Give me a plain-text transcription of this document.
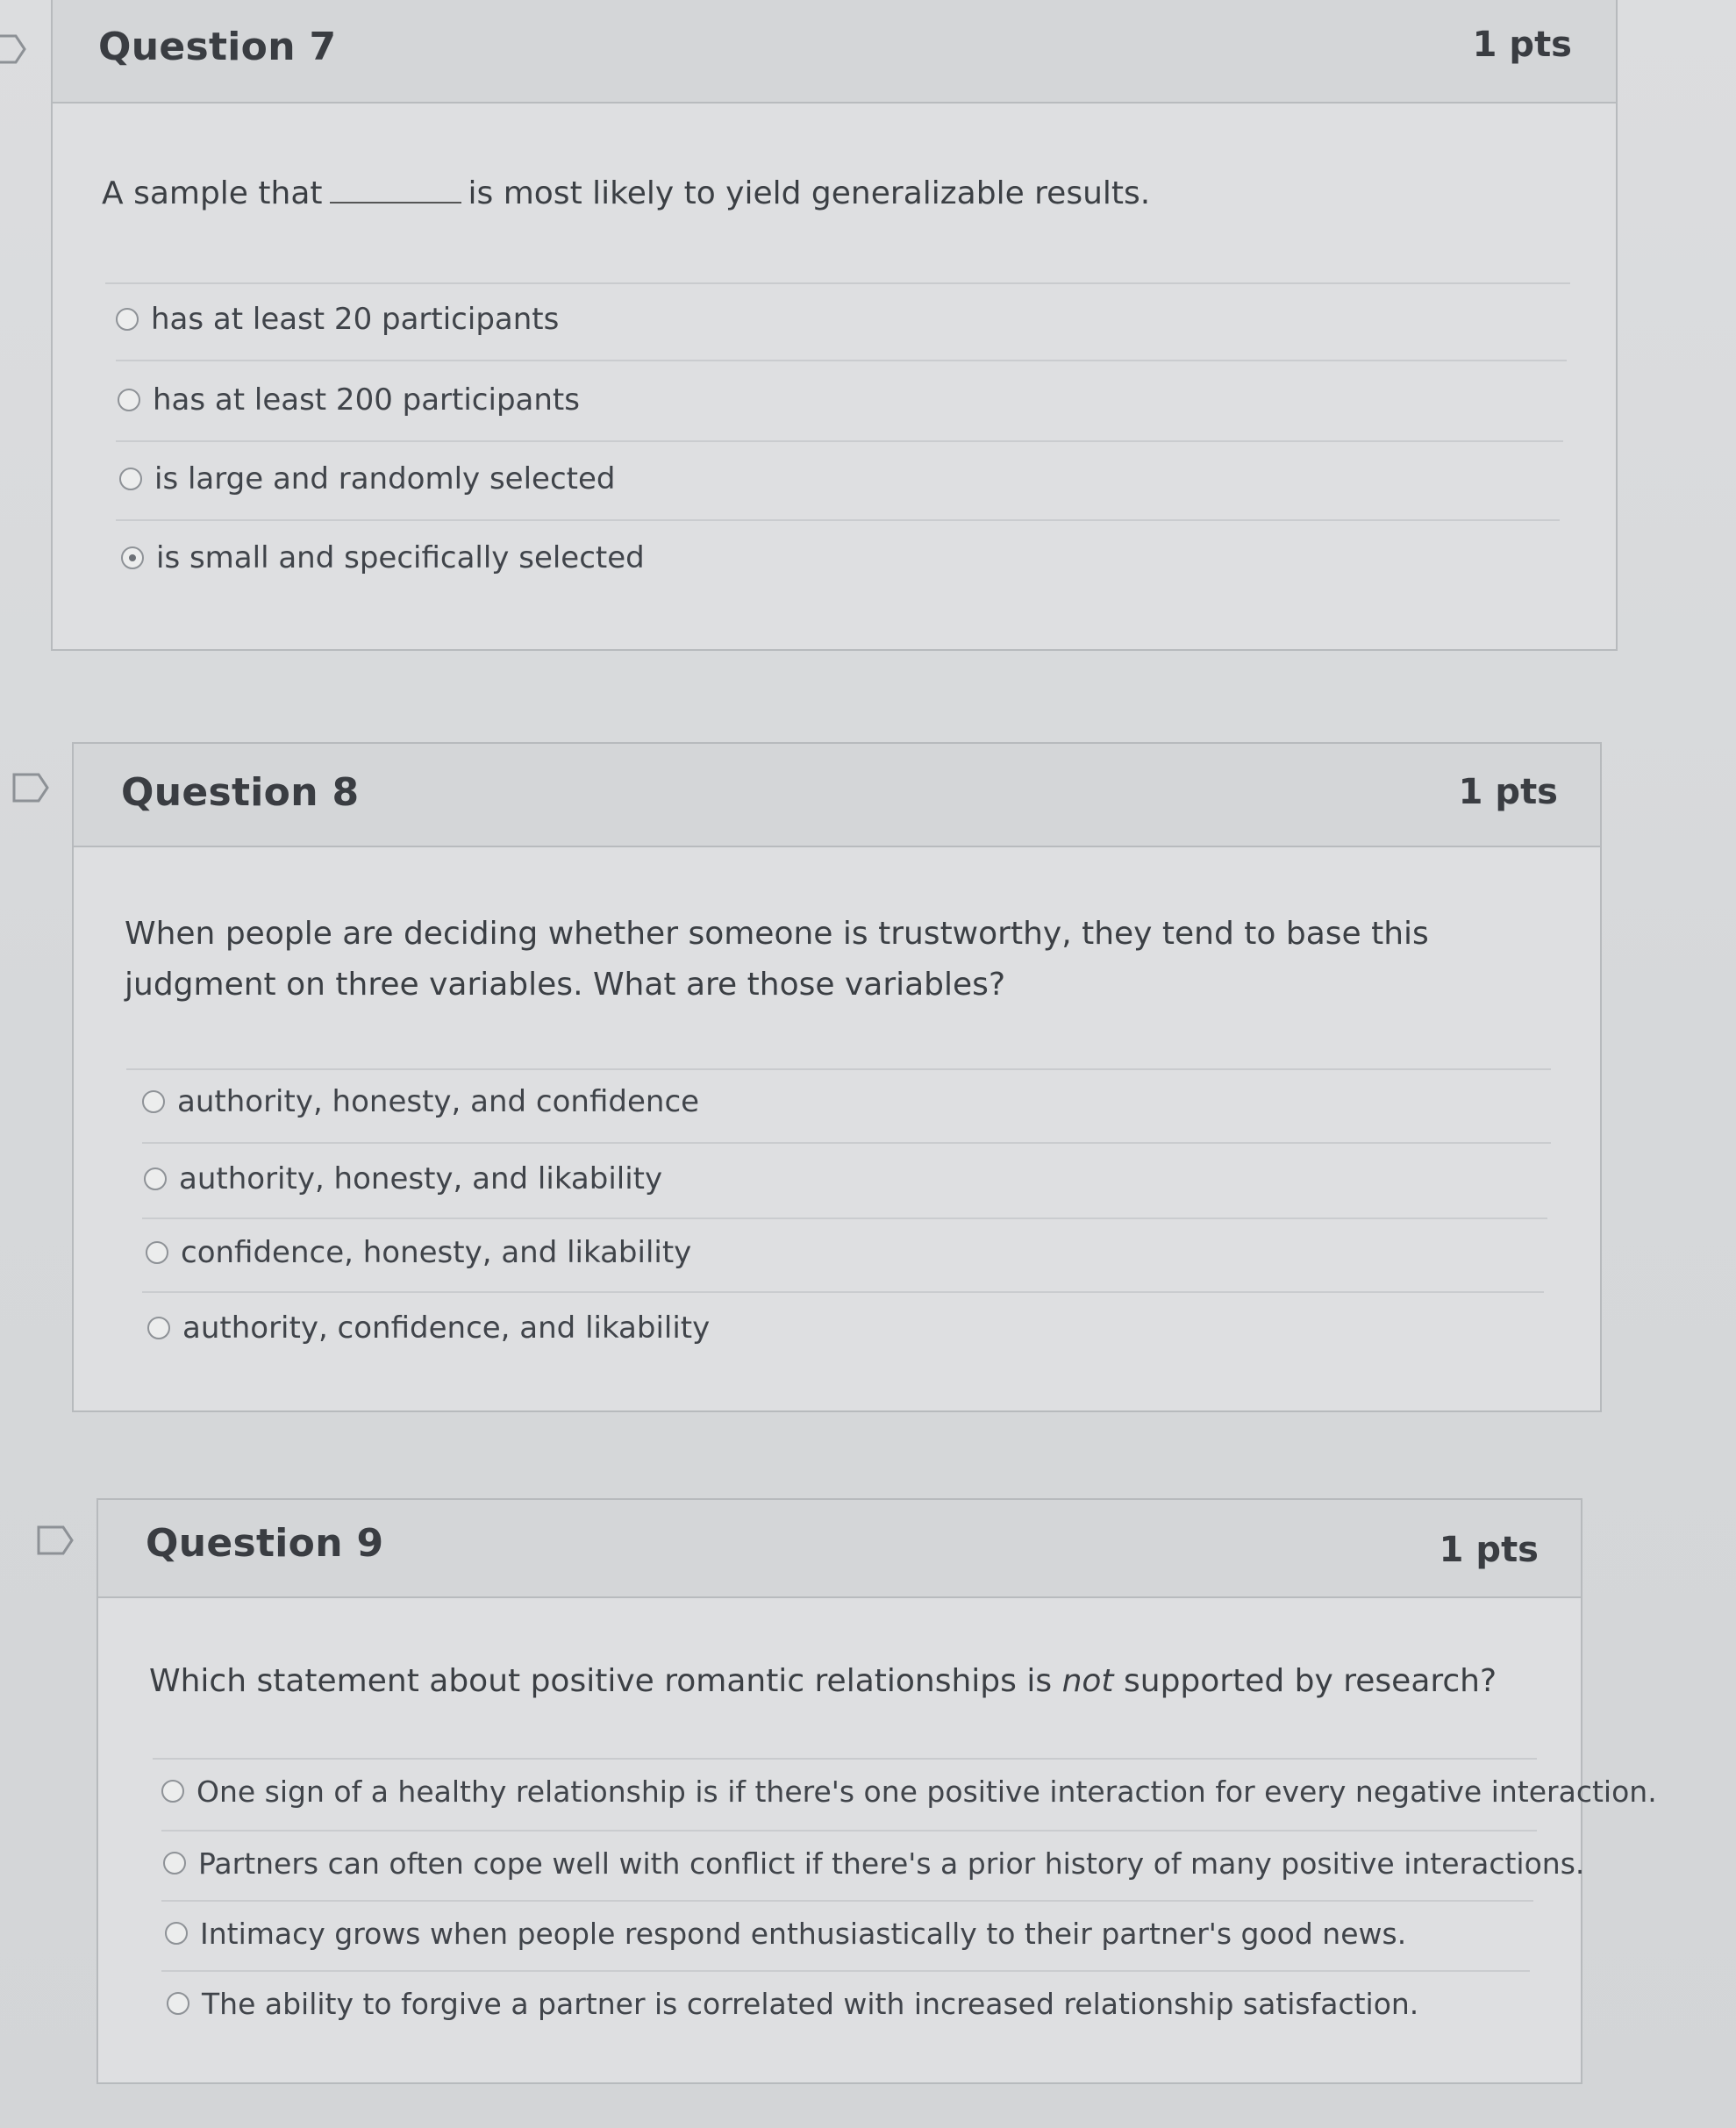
Question 7	1 pts
A sample that	is most likely to yield generalizable results.
has at least 20 participants
has at least 200 participants
is large and randomly selected
is small and specifically selected
Question 8	1 pts
When people are deciding whether someone is trustworthy, they tend to base this judgment on three variables. What are those variables?
authority, honesty, and confidence
authority, honesty, and likability
confidence, honesty, and likability
authority, confidence, and likability
Question 9	1 pts
Which statement about positive romantic relationships is not supported by research?
One sign of a healthy relationship is if there's one positive interaction for every negative interaction.
Partners can often cope well with conflict if there's a prior history of many positive interactions.
Intimacy grows when people respond enthusiastically to their partner's good news.
The ability to forgive a partner is correlated with increased relationship satisfaction.
